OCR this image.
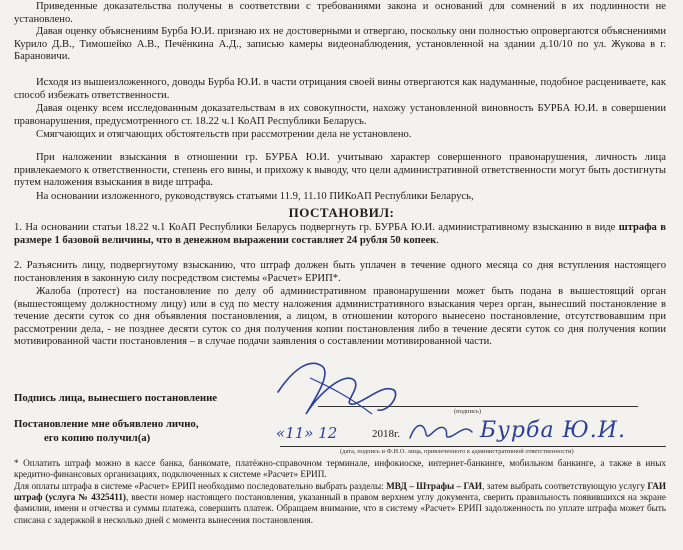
Приведенные доказательства получены в соответствии с требованиями закона и оснований для сомнений в их подлинности не установлено.

Давая оценку объяснениям Бурба Ю.И. признаю их не достоверными и отвергаю, поскольку они полностью опровергаются объяснениями Курило Д.В., Тимошейко А.В., Печёнкина А.Д., записью камеры видеонаблюдения, установленной на здании д.10/10 по ул. Жукова в г. Барановичи.

Исходя из вышеизложенного, доводы Бурба Ю.И. в части отрицания своей вины отвергаются как надуманные, подобное расцениваете, как способ избежать ответственности.

Давая оценку всем исследованным доказательствам в их совокупности, нахожу установленной виновность БУРБА Ю.И. в совершении правонарушения, предусмотренного ст. 18.22 ч.1 КоАП Республики Беларусь.

Смягчающих и отягчающих обстоятельств при рассмотрении дела не установлено.

При наложении взыскания в отношении гр. БУРБА Ю.И. учитываю характер совершенного правонарушения, личность лица привлекаемого к ответственности, степень его вины, и прихожу к выводу, что цели административной ответственности могут быть достигнуты путем наложения взыскания в виде штрафа.

На основании изложенного, руководствуясь статьями 11.9, 11.10 ПИКоАП Республики Беларусь,

ПОСТАНОВИЛ:

1. На основании статьи 18.22 ч.1 КоАП Республики Беларусь подвергнуть гр. БУРБА Ю.И. административному взысканию в виде штрафа в размере 1 базовой величины, что в денежном выражении составляет 24 рубля 50 копеек.

2. Разъяснить лицу, подвергнутому взысканию, что штраф должен быть уплачен в течение одного месяца со дня вступления настоящего постановления в законную силу посредством системы «Расчет» ЕРИП*.

Жалоба (протест) на постановление по делу об административном правонарушении может быть подана в вышестоящий орган (вышестоящему должностному лицу) или в суд по месту наложения административного взыскания через орган, вынесший постановление в течение десяти суток со дня объявления постановления, а лицом, в отношении которого вынесено постановление, отсутствовавшим при рассмотрении дела, - не позднее десяти суток со дня получения копии постановления либо в течение десяти суток со дня получения копии мотивированной части постановления – в случае подачи заявления о составлении мотивированной части.

Подпись лица, вынесшего постановление
(подпись)
Постановление мне объявлено лично,
его копию получил(а)	«11» 12	2018г.	Бурба Ю.И.
(дата, подпись и Ф.И.О. лица, привлеченного к административной ответственности)
* Оплатить штраф можно в кассе банка, банкомате, платёжно-справочном терминале, инфокиоске, интернет-банкинге, мобильном банкинге, а также в иных кредитно-финансовых организациях, подключенных к системе «Расчет» ЕРИП.
Для оплаты штрафа в системе «Расчет» ЕРИП необходимо последовательно выбрать разделы: МВД – Штрафы – ГАИ, затем выбрать соответствующую услугу ГАИ штраф (услуга № 4325411), ввести номер настоящего постановления, указанный в правом верхнем углу документа, сверить правильность появившихся на экране фамилии, имени и отчества и суммы платежа, совершить платеж. Обращаем внимание, что в систему «Расчет» ЕРИП задолженность по уплате штрафа может быть списана с задержкой в несколько дней с момента вынесения постановления.
